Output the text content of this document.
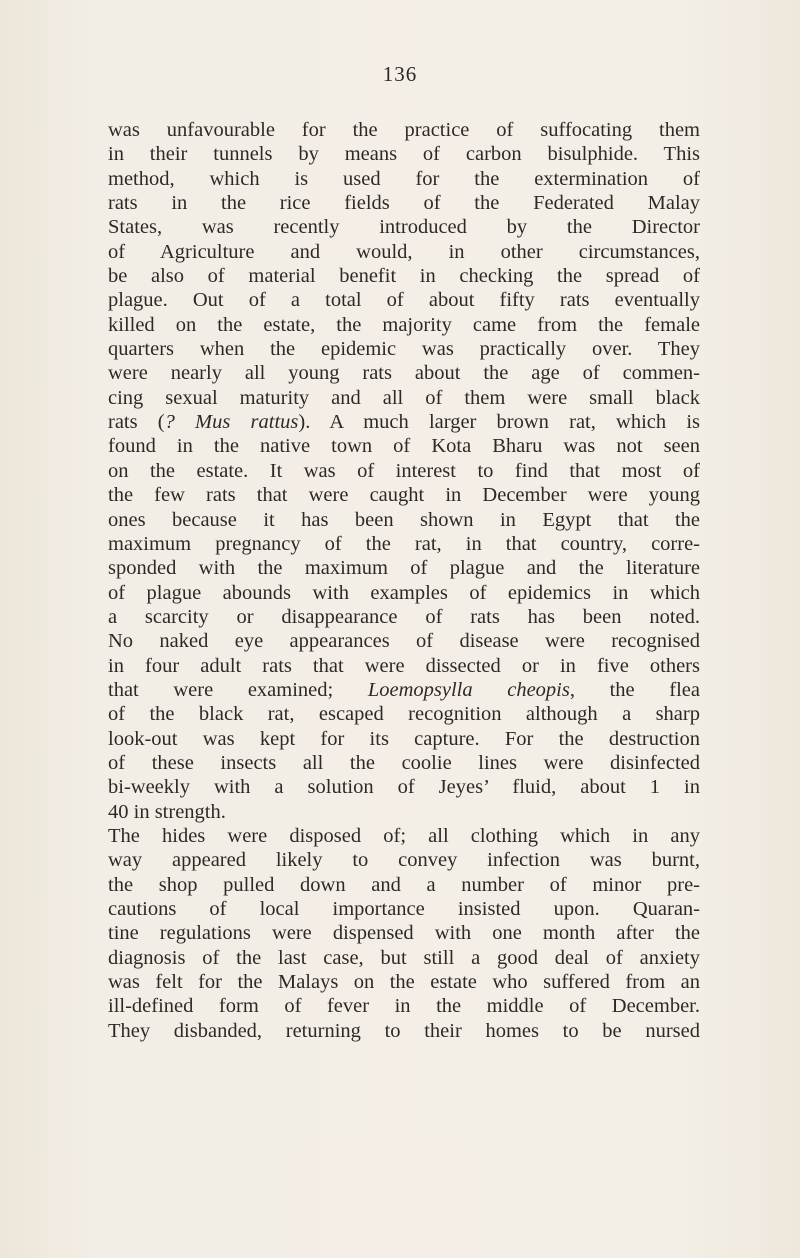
136
was unfavourable for the practice of suffocating them
in their tunnels by means of carbon bisulphide. This
method, which is used for the extermination of
rats in the rice fields of the Federated Malay
States, was recently introduced by the Director
of Agriculture and would, in other circumstances,
be also of material benefit in checking the spread of
plague. Out of a total of about fifty rats eventually
killed on the estate, the majority came from the female
quarters when the epidemic was practically over. They
were nearly all young rats about the age of commen-
cing sexual maturity and all of them were small black
rats (? Mus rattus). A much larger brown rat, which is
found in the native town of Kota Bharu was not seen
on the estate. It was of interest to find that most of
the few rats that were caught in December were young
ones because it has been shown in Egypt that the
maximum pregnancy of the rat, in that country, corre-
sponded with the maximum of plague and the literature
of plague abounds with examples of epidemics in which
a scarcity or disappearance of rats has been noted.
No naked eye appearances of disease were recognised
in four adult rats that were dissected or in five others
that were examined; Loemopsylla cheopis, the flea
of the black rat, escaped recognition although a sharp
look-out was kept for its capture. For the destruction
of these insects all the coolie lines were disinfected
bi-weekly with a solution of Jeyes’ fluid, about 1 in
40 in strength.
The hides were disposed of; all clothing which in any
way appeared likely to convey infection was burnt,
the shop pulled down and a number of minor pre-
cautions of local importance insisted upon. Quaran-
tine regulations were dispensed with one month after the
diagnosis of the last case, but still a good deal of anxiety
was felt for the Malays on the estate who suffered from an
ill-defined form of fever in the middle of December.
They disbanded, returning to their homes to be nursed
